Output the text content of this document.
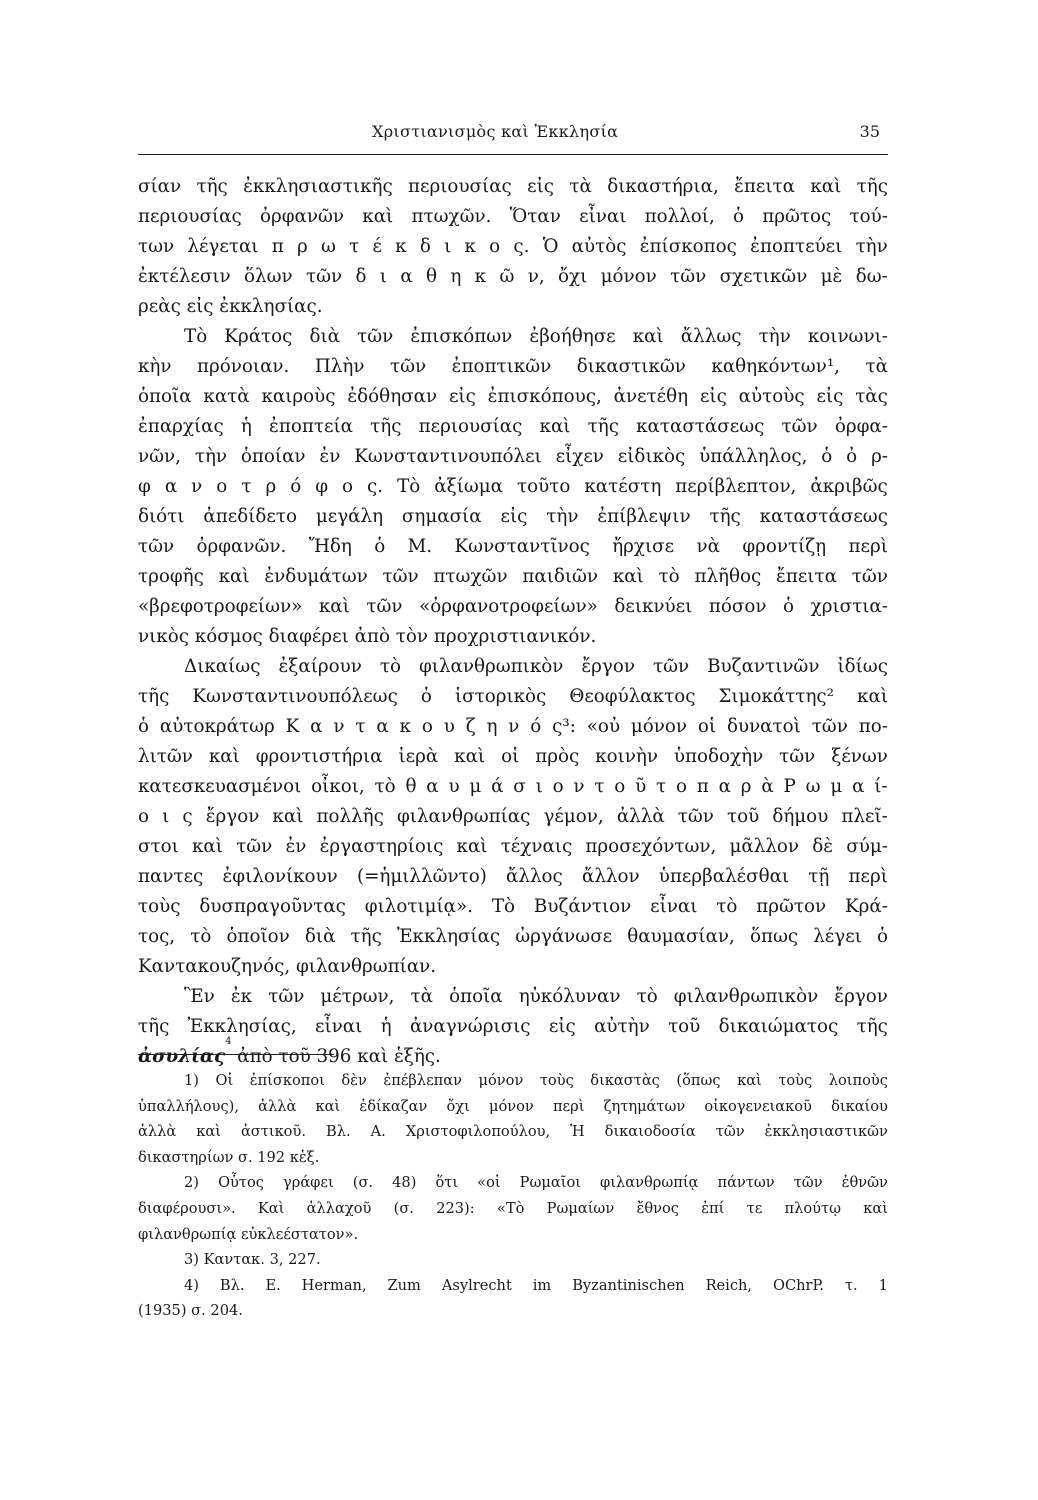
Χριστιανισμὸς καὶ Ἐκκλησία	35
σίαν τῆς ἐκκλησιαστικῆς περιουσίας εἰς τὰ δικαστήρια, ἔπειτα καὶ τῆς
περιουσίας ὀρφανῶν καὶ πτωχῶν. Ὅταν εἶναι πολλοί, ὁ πρῶτος τού-
των λέγεται π ρ ω τ έ κ δ ι κ ο ς. Ὁ αὐτὸς ἐπίσκοπος ἐποπτεύει τὴν
ἐκτέλεσιν ὅλων τῶν δ ι α θ η κ ῶ ν, ὄχι μόνον τῶν σχετικῶν μὲ δω-
ρεὰς εἰς ἐκκλησίας.
Τὸ Κράτος διὰ τῶν ἐπισκόπων ἐβοήθησε καὶ ἄλλως τὴν κοινωνι-
κὴν πρόνοιαν. Πλὴν τῶν ἐποπτικῶν δικαστικῶν καθηκόντων¹, τὰ
ὁποῖα κατὰ καιροὺς ἐδόθησαν εἰς ἐπισκόπους, ἀνετέθη εἰς αὐτοὺς εἰς τὰς
ἐπαρχίας ἡ ἐποπτεία τῆς περιουσίας καὶ τῆς καταστάσεως τῶν ὀρφα-
νῶν, τὴν ὁποίαν ἐν Κωνσταντινουπόλει εἶχεν εἰδικὸς ὑπάλληλος, ὁ ὀ ρ-
φ α ν ο τ ρ ό φ ο ς. Τὸ ἀξίωμα τοῦτο κατέστη περίβλεπτον, ἀκριβῶς
διότι ἀπεδίδετο μεγάλη σημασία εἰς τὴν ἐπίβλεψιν τῆς καταστάσεως
τῶν ὀρφανῶν. Ἤδη ὁ Μ. Κωνσταντῖνος ἤρχισε νὰ φροντίζῃ περὶ
τροφῆς καὶ ἐνδυμάτων τῶν πτωχῶν παιδιῶν καὶ τὸ πλῆθος ἔπειτα τῶν
«βρεφοτροφείων» καὶ τῶν «ὀρφανοτροφείων» δεικνύει πόσον ὁ χριστια-
νικὸς κόσμος διαφέρει ἀπὸ τὸν προχριστιανικόν.
Δικαίως ἐξαίρουν τὸ φιλανθρωπικὸν ἔργον τῶν Βυζαντινῶν ἰδίως
τῆς Κωνσταντινουπόλεως ὁ ἱστορικὸς Θεοφύλακτος Σιμοκάττης² καὶ
ὁ αὐτοκράτωρ Κ α ν τ α κ ο υ ζ η ν ό ς³: «οὐ μόνον οἱ δυνατοὶ τῶν πο-
λιτῶν καὶ φροντιστήρια ἱερὰ καὶ οἱ πρὸς κοινὴν ὑποδοχὴν τῶν ξένων
κατεσκευασμένοι οἶκοι, τὸ θ α υ μ ά σ ι ο ν τ ο ῦ τ ο π α ρ ὰ Ρ ω μ α ί-
ο ι ς ἔργον καὶ πολλῆς φιλανθρωπίας γέμον, ἀλλὰ τῶν τοῦ δήμου πλεῖ-
στοι καὶ τῶν ἐν ἐργαστηρίοις καὶ τέχναις προσεχόντων, μᾶλλον δὲ σύμ-
παντες ἐφιλονίκουν (=ἡμιλλῶντο) ἄλλος ἄλλον ὑπερβαλέσθαι τῇ περὶ
τοὺς δυσπραγοῦντας φιλοτιμίᾳ». Τὸ Βυζάντιον εἶναι τὸ πρῶτον Κρά-
τος, τὸ ὁποῖον διὰ τῆς Ἐκκλησίας ὠργάνωσε θαυμασίαν, ὅπως λέγει ὁ
Καντακουζηνός, φιλανθρωπίαν.
Ἓν ἐκ τῶν μέτρων, τὰ ὁποῖα ηὐκόλυναν τὸ φιλανθρωπικὸν ἔργον
τῆς Ἐκκλησίας, εἶναι ἡ ἀναγνώρισις εἰς αὐτὴν τοῦ δικαιώματος τῆς
ἀσυλίας
4
ἀπὸ τοῦ 396 καὶ ἑξῆς.
1) Οἱ ἐπίσκοποι δὲν ἐπέβλεπαν μόνον τοὺς δικαστὰς (ὅπως καὶ τοὺς λοιποὺς
ὑπαλλήλους), ἀλλὰ καὶ ἐδίκαζαν ὄχι μόνον περὶ ζητημάτων οἰκογενειακοῦ δικαίου
ἀλλὰ καὶ ἀστικοῦ. Βλ. Α. Χριστοφιλοπούλου, Ἡ δικαιοδοσία τῶν ἐκκλησιαστικῶν
δικαστηρίων σ. 192 κἑξ.
2) Οὗτος γράφει (σ. 48) ὅτι «οἱ Ρωμαῖοι φιλανθρωπίᾳ πάντων τῶν ἐθνῶν
διαφέρουσι». Καὶ ἀλλαχοῦ (σ. 223): «Τὸ Ρωμαίων ἔθνος ἐπί τε πλούτῳ καὶ
φιλανθρωπίᾳ εὐκλεέστατον».
3) Καντακ. 3, 227.
4) Βλ. E. Herman, Zum Asylrecht im Byzantinischen Reich, OChrP. τ. 1
(1935) σ. 204.
